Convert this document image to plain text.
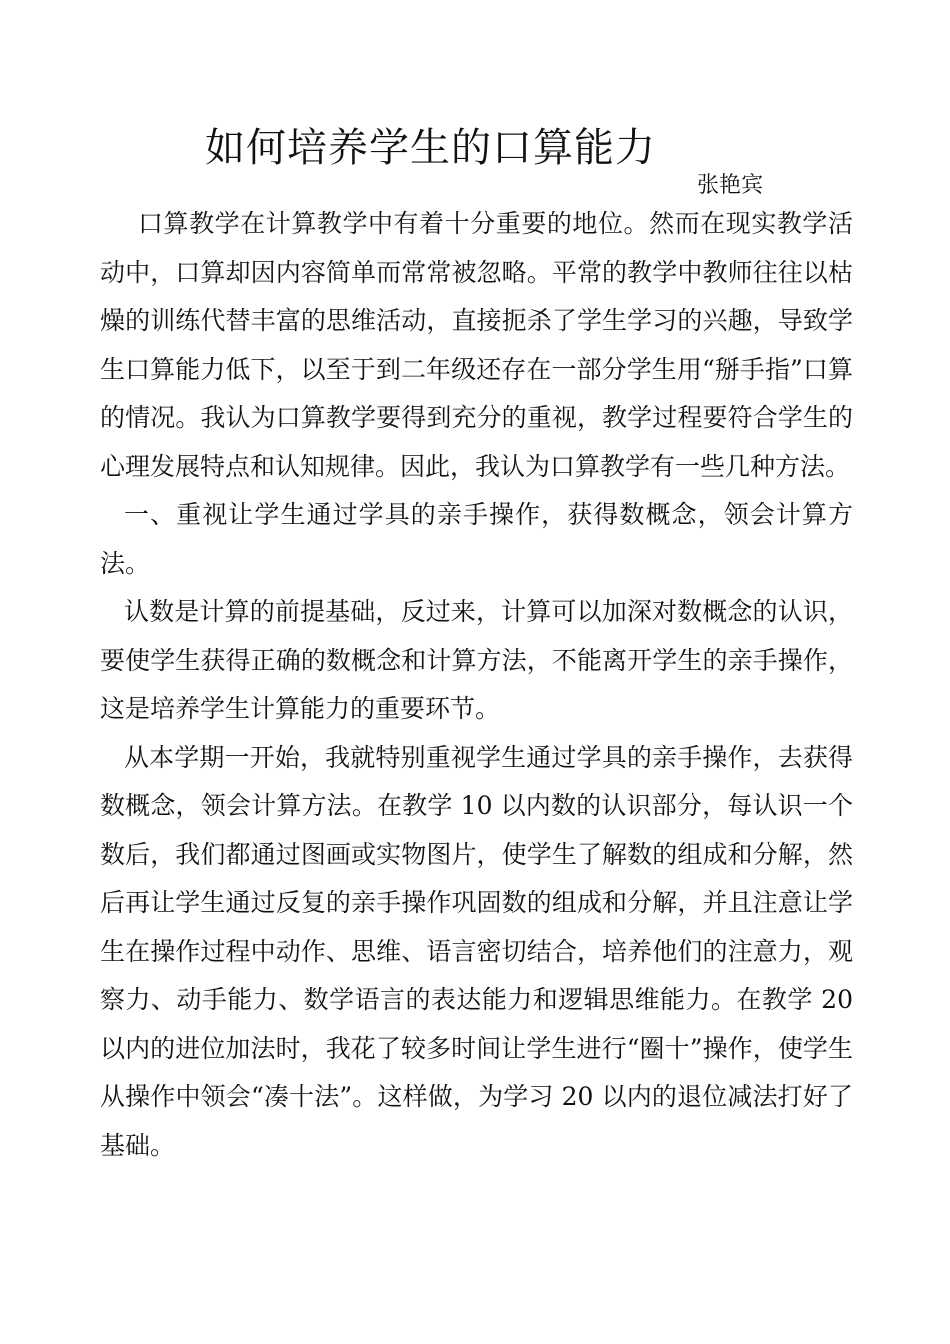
如何培养学生的口算能力
张艳宾

口算教学在计算教学中有着十分重要的地位。然而在现实教学活动中，口算却因内容简单而常常被忽略。平常的教学中教师往往以枯燥的训练代替丰富的思维活动，直接扼杀了学生学习的兴趣，导致学生口算能力低下，以至于到二年级还存在一部分学生用“掰手指”口算的情况。我认为口算教学要得到充分的重视，教学过程要符合学生的心理发展特点和认知规律。因此，我认为口算教学有一些几种方法。

一、重视让学生通过学具的亲手操作，获得数概念，领会计算方法。

认数是计算的前提基础，反过来，计算可以加深对数概念的认识，要使学生获得正确的数概念和计算方法，不能离开学生的亲手操作，这是培养学生计算能力的重要环节。

从本学期一开始，我就特别重视学生通过学具的亲手操作，去获得数概念，领会计算方法。在教学 10 以内数的认识部分，每认识一个数后，我们都通过图画或实物图片，使学生了解数的组成和分解，然后再让学生通过反复的亲手操作巩固数的组成和分解，并且注意让学生在操作过程中动作、思维、语言密切结合，培养他们的注意力，观察力、动手能力、数学语言的表达能力和逻辑思维能力。在教学 20 以内的进位加法时，我花了较多时间让学生进行“圈十”操作，使学生从操作中领会“凑十法”。这样做，为学习 20 以内的退位减法打好了基础。
